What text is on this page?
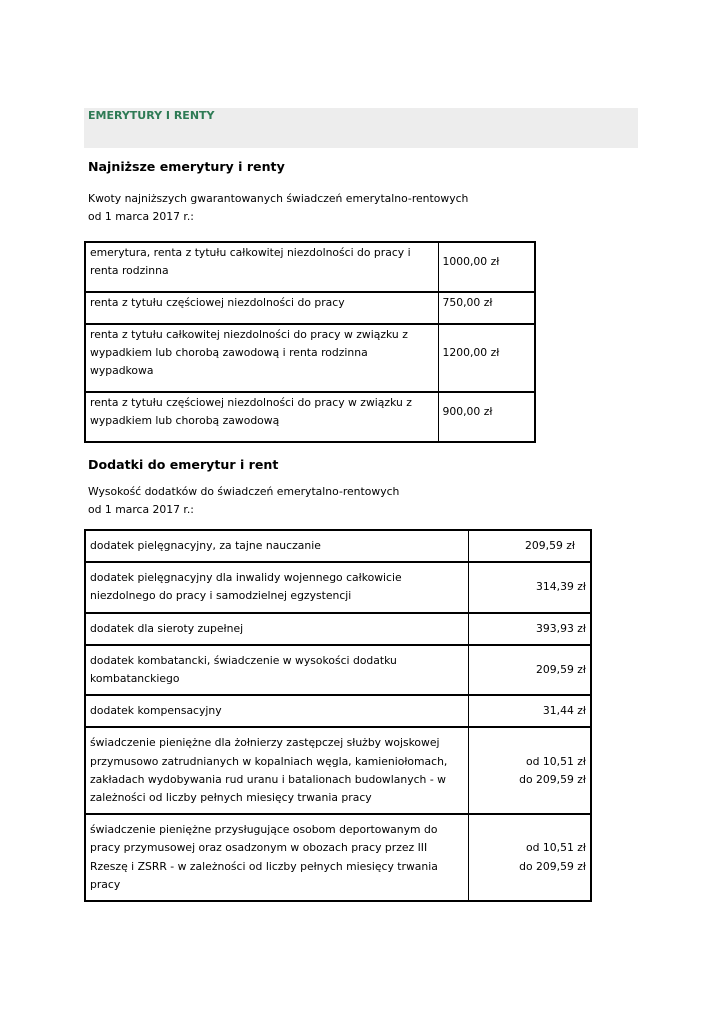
EMERYTURY I RENTY
Najniższe emerytury i renty
Kwoty najniższych gwarantowanych świadczeń emerytalno-rentowych
od 1 marca 2017 r.:
emerytura, renta z tytułu całkowitej niezdolności do pracy i
renta rodzinna	1000,00 zł

renta z tytułu częściowej niezdolności do pracy	750,00 zł

renta z tytułu całkowitej niezdolności do pracy w związku z
wypadkiem lub chorobą zawodową i renta rodzinna
wypadkowa	1200,00 zł

renta z tytułu częściowej niezdolności do pracy w związku z
wypadkiem lub chorobą zawodową	900,00 zł
Dodatki do emerytur i rent
Wysokość dodatków do świadczeń emerytalno-rentowych
od 1 marca 2017 r.:
dodatek pielęgnacyjny, za tajne nauczanie	209,59 zł

dodatek pielęgnacyjny dla inwalidy wojennego całkowicie
niezdolnego do pracy i samodzielnej egzystencji	314,39 zł

dodatek dla sieroty zupełnej	393,93 zł

dodatek kombatancki, świadczenie w wysokości dodatku
kombatanckiego	209,59 zł

dodatek kompensacyjny	31,44 zł

świadczenie pieniężne dla żołnierzy zastępczej służby wojskowej
przymusowo zatrudnianych w kopalniach węgla, kamieniołomach,
zakładach wydobywania rud uranu i batalionach budowlanych - w
zależności od liczby pełnych miesięcy trwania pracy	od 10,51 zł
do 209,59 zł

świadczenie pieniężne przysługujące osobom deportowanym do
pracy przymusowej oraz osadzonym w obozach pracy przez III
Rzeszę i ZSRR - w zależności od liczby pełnych miesięcy trwania
pracy	od 10,51 zł
do 209,59 zł
